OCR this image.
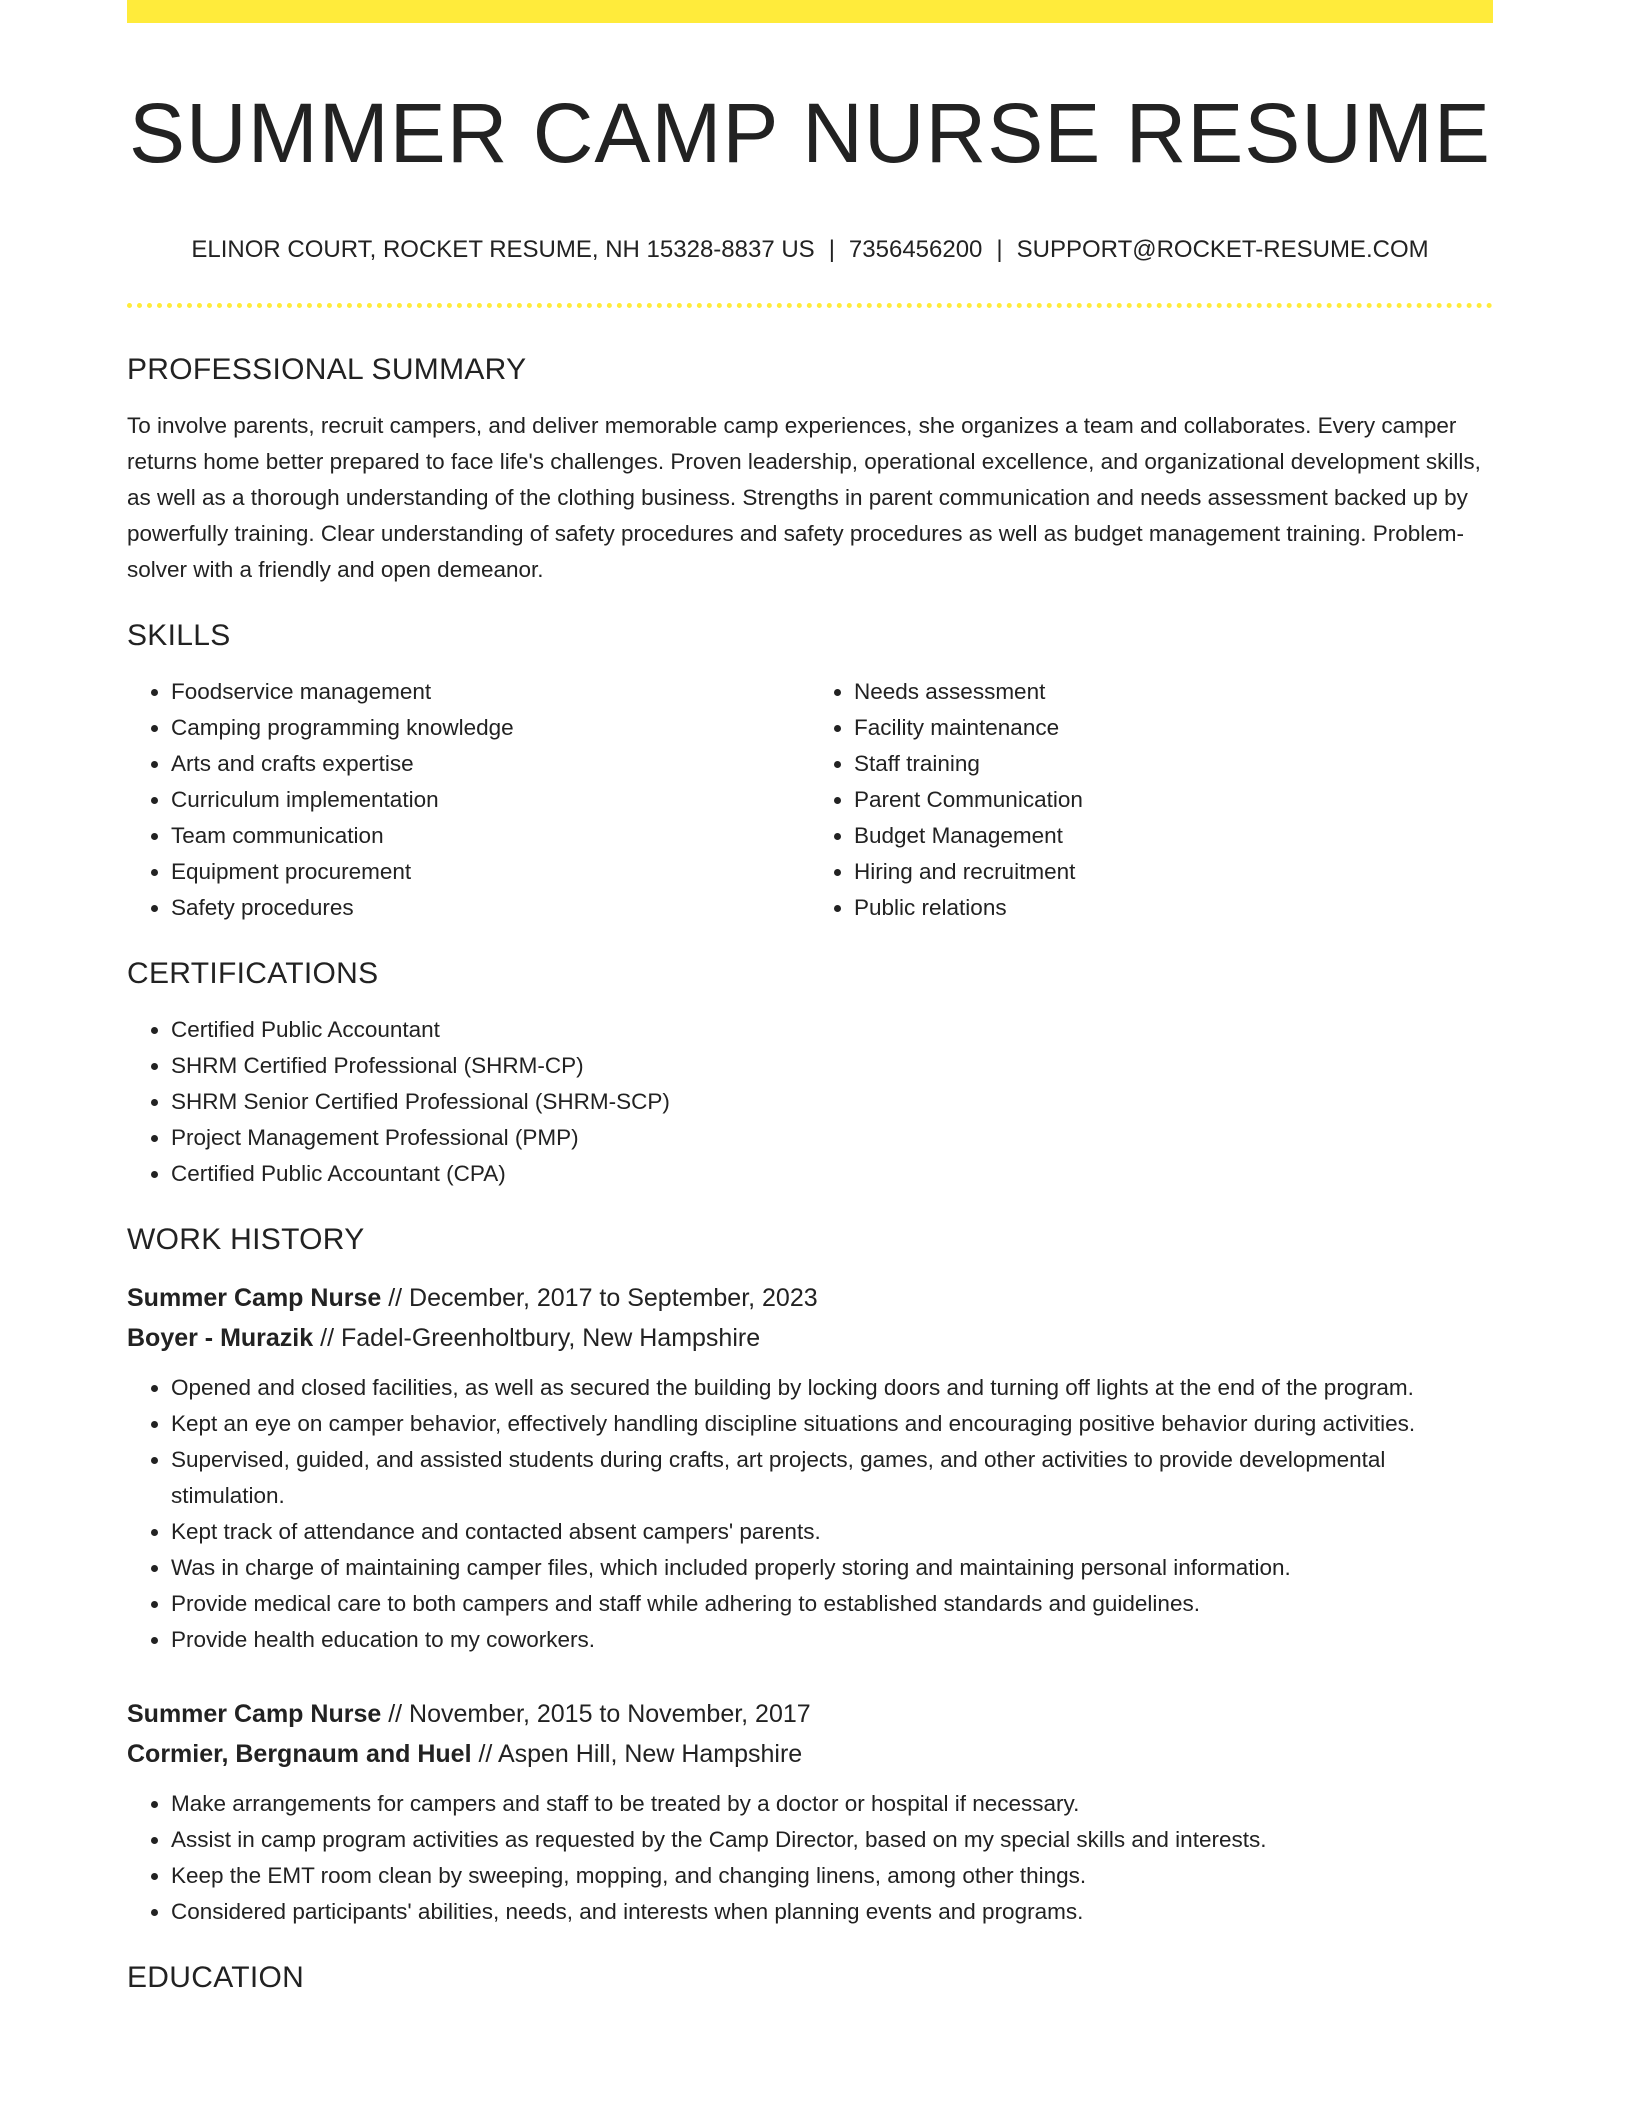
SUMMER CAMP NURSE RESUME
ELINOR COURT, ROCKET RESUME, NH 15328-8837 US | 7356456200 | SUPPORT@ROCKET-RESUME.COM
PROFESSIONAL SUMMARY

To involve parents, recruit campers, and deliver memorable camp experiences, she organizes a team and collaborates. Every camper returns home better prepared to face life's challenges. Proven leadership, operational excellence, and organizational development skills, as well as a thorough understanding of the clothing business. Strengths in parent communication and needs assessment backed up by powerfully training. Clear understanding of safety procedures and safety procedures as well as budget management training. Problem-solver with a friendly and open demeanor.

SKILLS
• Foodservice management
• Camping programming knowledge
• Arts and crafts expertise
• Curriculum implementation
• Team communication
• Equipment procurement
• Safety procedures
• Needs assessment
• Facility maintenance
• Staff training
• Parent Communication
• Budget Management
• Hiring and recruitment
• Public relations
CERTIFICATIONS
• Certified Public Accountant
• SHRM Certified Professional (SHRM-CP)
• SHRM Senior Certified Professional (SHRM-SCP)
• Project Management Professional (PMP)
• Certified Public Accountant (CPA)
WORK HISTORY
Summer Camp Nurse // December, 2017 to September, 2023
Boyer - Murazik // Fadel-Greenholtbury, New Hampshire
• Opened and closed facilities, as well as secured the building by locking doors and turning off lights at the end of the program.
• Kept an eye on camper behavior, effectively handling discipline situations and encouraging positive behavior during activities.
• Supervised, guided, and assisted students during crafts, art projects, games, and other activities to provide developmental stimulation.
• Kept track of attendance and contacted absent campers' parents.
• Was in charge of maintaining camper files, which included properly storing and maintaining personal information.
• Provide medical care to both campers and staff while adhering to established standards and guidelines.
• Provide health education to my coworkers.
Summer Camp Nurse // November, 2015 to November, 2017
Cormier, Bergnaum and Huel // Aspen Hill, New Hampshire
• Make arrangements for campers and staff to be treated by a doctor or hospital if necessary.
• Assist in camp program activities as requested by the Camp Director, based on my special skills and interests.
• Keep the EMT room clean by sweeping, mopping, and changing linens, among other things.
• Considered participants' abilities, needs, and interests when planning events and programs.
EDUCATION
